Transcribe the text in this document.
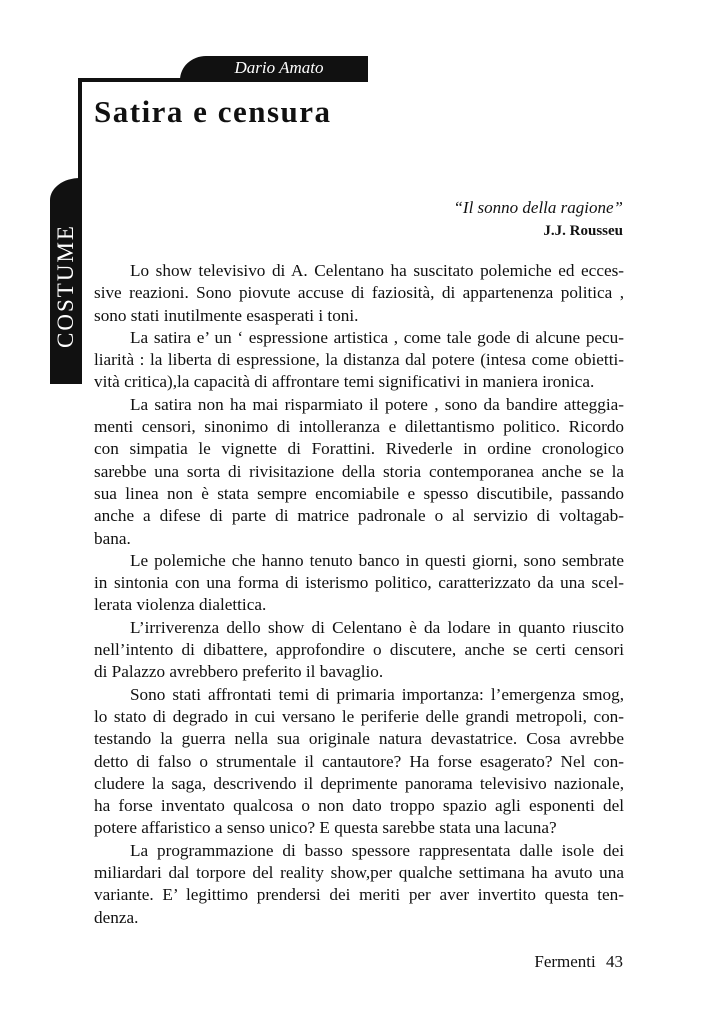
Dario Amato
COSTUME
Satira e censura
“Il sonno della ragione”
J.J. Rousseu

Lo show televisivo di A. Celentano ha suscitato polemiche ed ecces-
sive reazioni. Sono piovute accuse di faziosità, di appartenenza politica ,
sono stati inutilmente esasperati i toni.

La satira e’ un ‘ espressione artistica , come tale gode di alcune pecu-
liarità : la liberta di espressione, la distanza dal potere (intesa come obietti-
vità critica),la capacità di affrontare temi significativi in maniera ironica.

La satira non ha mai risparmiato il potere , sono da bandire atteggia-
menti censori, sinonimo di intolleranza e dilettantismo politico. Ricordo
con simpatia le vignette di Forattini. Rivederle in ordine cronologico
sarebbe una sorta di rivisitazione della storia contemporanea anche se la
sua linea non è stata sempre encomiabile e spesso discutibile, passando
anche a difese di parte di matrice padronale o al servizio di voltagab-
bana.

Le polemiche che hanno tenuto banco in questi giorni, sono sembrate
in sintonia con una forma di isterismo politico, caratterizzato da una scel-
lerata violenza dialettica.

L’irriverenza dello show di Celentano è da lodare in quanto riuscito
nell’intento di dibattere, approfondire o discutere, anche se certi censori
di Palazzo avrebbero preferito il bavaglio.

Sono stati affrontati temi di primaria importanza: l’emergenza smog,
lo stato di degrado in cui versano le periferie delle grandi metropoli, con-
testando la guerra nella sua originale natura devastatrice. Cosa avrebbe
detto di falso o strumentale il cantautore? Ha forse esagerato? Nel con-
cludere la saga, descrivendo il deprimente panorama televisivo nazionale,
ha forse inventato qualcosa o non dato troppo spazio agli esponenti del
potere affaristico a senso unico? E questa sarebbe stata una lacuna?

La programmazione di basso spessore rappresentata dalle isole dei
miliardari dal torpore del reality show,per qualche settimana ha avuto una
variante. E’ legittimo prendersi dei meriti per aver invertito questa ten-
denza.

Fermenti 43
